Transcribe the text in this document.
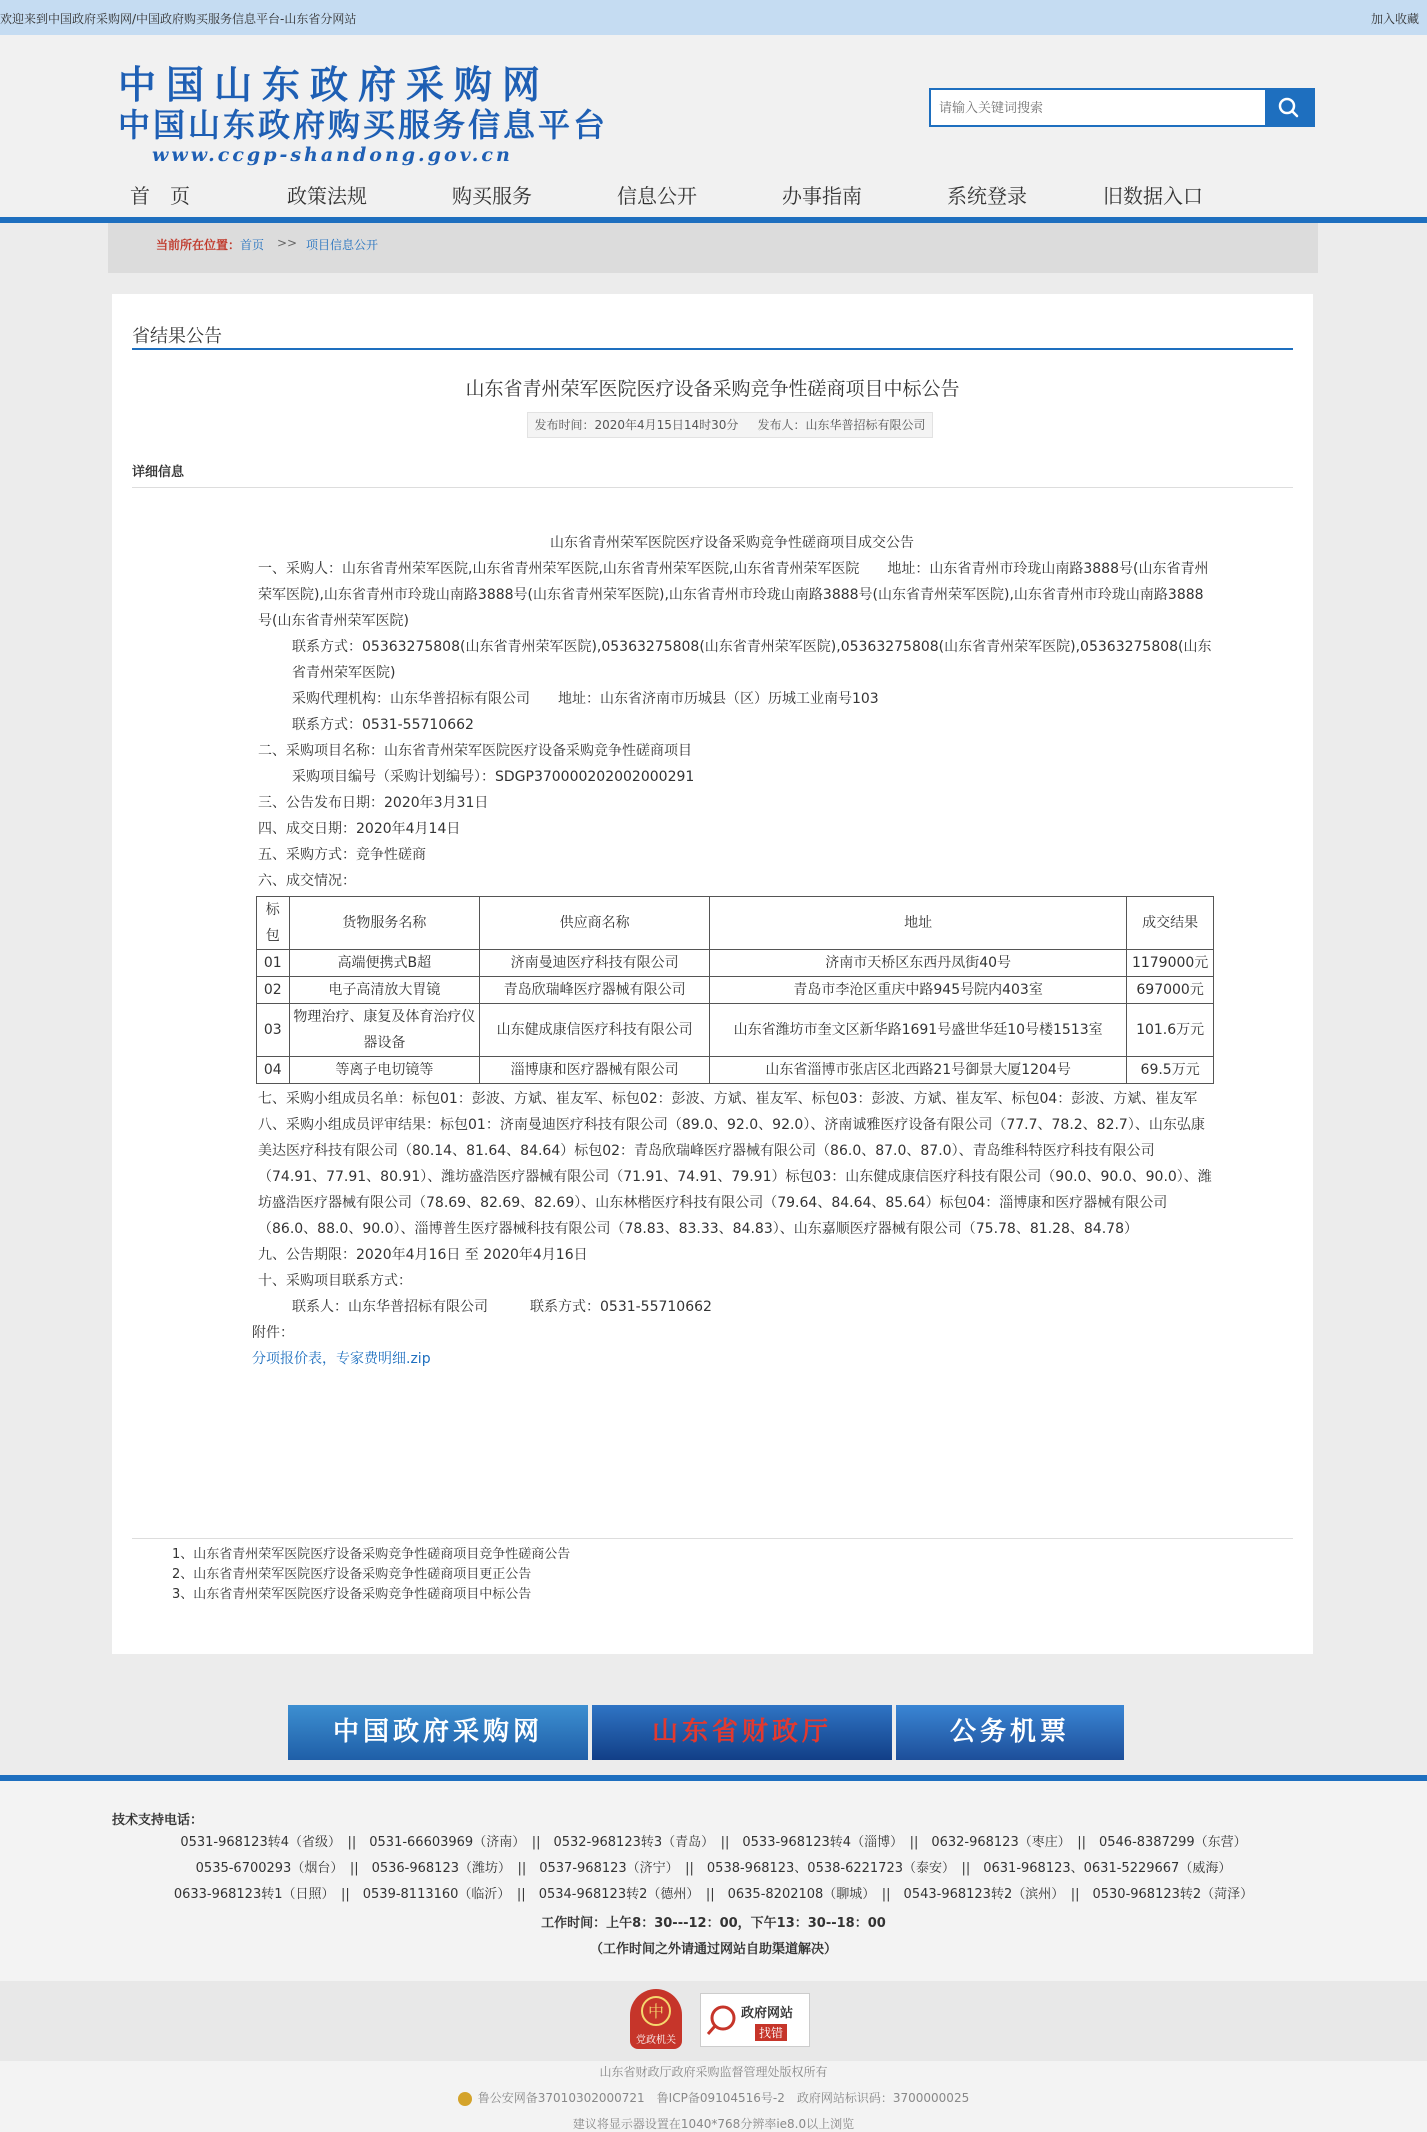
欢迎来到中国政府采购网/中国政府购买服务信息平台-山东省分网站	加入收藏
中国山东政府采购网
中国山东政府购买服务信息平台
www.ccgp-shandong.gov.cn
请输入关键词搜索
首　页	政策法规	购买服务	信息公开	办事指南	系统登录	旧数据入口
当前所在位置： 首页 >> 项目信息公开
省结果公告
山东省青州荣军医院医疗设备采购竞争性磋商项目中标公告
发布时间：2020年4月15日14时30分 发布人：山东华普招标有限公司
详细信息

山东省青州荣军医院医疗设备采购竞争性磋商项目成交公告

一、采购人：山东省青州荣军医院,山东省青州荣军医院,山东省青州荣军医院,山东省青州荣军医院　　地址：山东省青州市玲珑山南路3888号(山东省青州荣军医院),山东省青州市玲珑山南路3888号(山东省青州荣军医院),山东省青州市玲珑山南路3888号(山东省青州荣军医院),山东省青州市玲珑山南路3888号(山东省青州荣军医院)

联系方式：05363275808(山东省青州荣军医院),05363275808(山东省青州荣军医院),05363275808(山东省青州荣军医院),05363275808(山东省青州荣军医院)

采购代理机构：山东华普招标有限公司　　地址：山东省济南市历城县（区）历城工业南号103

联系方式：0531-55710662

二、采购项目名称：山东省青州荣军医院医疗设备采购竞争性磋商项目

采购项目编号（采购计划编号）：SDGP370000202002000291

三、公告发布日期：2020年3月31日

四、成交日期：2020年4月14日

五、采购方式：竞争性磋商

六、成交情况：

标包	货物服务名称	供应商名称	地址	成交结果
01	高端便携式B超	济南曼迪医疗科技有限公司	济南市天桥区东西丹凤街40号	1179000元
02	电子高清放大胃镜	青岛欣瑞峰医疗器械有限公司	青岛市李沧区重庆中路945号院内403室	697000元
03	物理治疗、康复及体育治疗仪器设备	山东健成康信医疗科技有限公司	山东省潍坊市奎文区新华路1691号盛世华廷10号楼1513室	101.6万元
04	等离子电切镜等	淄博康和医疗器械有限公司	山东省淄博市张店区北西路21号御景大厦1204号	69.5万元

七、采购小组成员名单：标包01：彭波、方斌、崔友军、标包02：彭波、方斌、崔友军、标包03：彭波、方斌、崔友军、标包04：彭波、方斌、崔友军

八、采购小组成员评审结果：标包01：济南曼迪医疗科技有限公司（89.0、92.0、92.0）、济南诚雅医疗设备有限公司（77.7、78.2、82.7）、山东弘康美达医疗科技有限公司（80.14、81.64、84.64）标包02：青岛欣瑞峰医疗器械有限公司（86.0、87.0、87.0）、青岛维科特医疗科技有限公司（74.91、77.91、80.91）、潍坊盛浩医疗器械有限公司（71.91、74.91、79.91）标包03：山东健成康信医疗科技有限公司（90.0、90.0、90.0）、潍坊盛浩医疗器械有限公司（78.69、82.69、82.69）、山东林楷医疗科技有限公司（79.64、84.64、85.64）标包04：淄博康和医疗器械有限公司（86.0、88.0、90.0）、淄博普生医疗器械科技有限公司（78.83、83.33、84.83）、山东嘉顺医疗器械有限公司（75.78、81.28、84.78）

九、公告期限：2020年4月16日 至 2020年4月16日

十、采购项目联系方式：

联系人：山东华普招标有限公司　　　联系方式：0531-55710662

附件：

分项报价表，专家费明细.zip

1、山东省青州荣军医院医疗设备采购竞争性磋商项目竞争性磋商公告
2、山东省青州荣军医院医疗设备采购竞争性磋商项目更正公告
3、山东省青州荣军医院医疗设备采购竞争性磋商项目中标公告
中国政府采购网	山东省财政厅	公务机票
技术支持电话：
0531-968123转4（省级）　||　0531-66603969（济南）　||　0532-968123转3（青岛）　||　0533-968123转4（淄博）　||　0632-968123（枣庄）　||　0546-8387299（东营）
0535-6700293（烟台）　||　0536-968123（潍坊）　||　0537-968123（济宁）　||　0538-968123、0538-6221723（泰安）　||　0631-968123、0631-5229667（威海）
0633-968123转1（日照）　||　0539-8113160（临沂）　||　0534-968123转2（德州）　||　0635-8202108（聊城）　||　0543-968123转2（滨州）　||　0530-968123转2（菏泽）
工作时间：上午8：30---12：00，下午13：30--18：00
（工作时间之外请通过网站自助渠道解决）
中
党政机关
政府网站
找错
山东省财政厅政府采购监督管理处版权所有
鲁公安网备37010302000721　鲁ICP备09104516号-2　政府网站标识码：3700000025
建议将显示器设置在1040*768分辨率ie8.0以上浏览
